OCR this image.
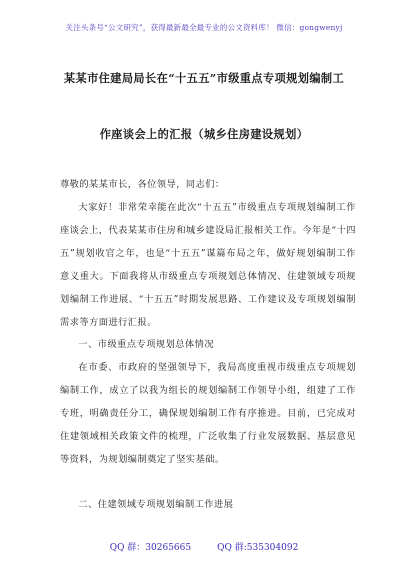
关注头条号“公文研究”，获得最新最全最专业的公文资料库！ 微信：gongwenyj
某某市住建局局长在“十五五”市级重点专项规划编制工
作座谈会上的汇报（城乡住房建设规划）
尊敬的某某市长，各位领导，同志们：
大家好！非常荣幸能在此次“十五五”市级重点专项规划编制工作座谈会上，代表某某市住房和城乡建设局汇报相关工作。今年是“十四五”规划收官之年，也是“十五五”谋篇布局之年，做好规划编制工作意义重大。下面我将从市级重点专项规划总体情况、住建领域专项规划编制工作进展、“十五五”时期发展思路、工作建议及专项规划编制需求等方面进行汇报。
一、市级重点专项规划总体情况
在市委、市政府的坚强领导下，我局高度重视市级重点专项规划编制工作，成立了以我为组长的规划编制工作领导小组，组建了工作专班，明确责任分工，确保规划编制工作有序推进。目前，已完成对住建领域相关政策文件的梳理，广泛收集了行业发展数据、基层意见等资料，为规划编制奠定了坚实基础。
二、住建领域专项规划编制工作进展
QQ 群：30265665	QQ 群:535304092
